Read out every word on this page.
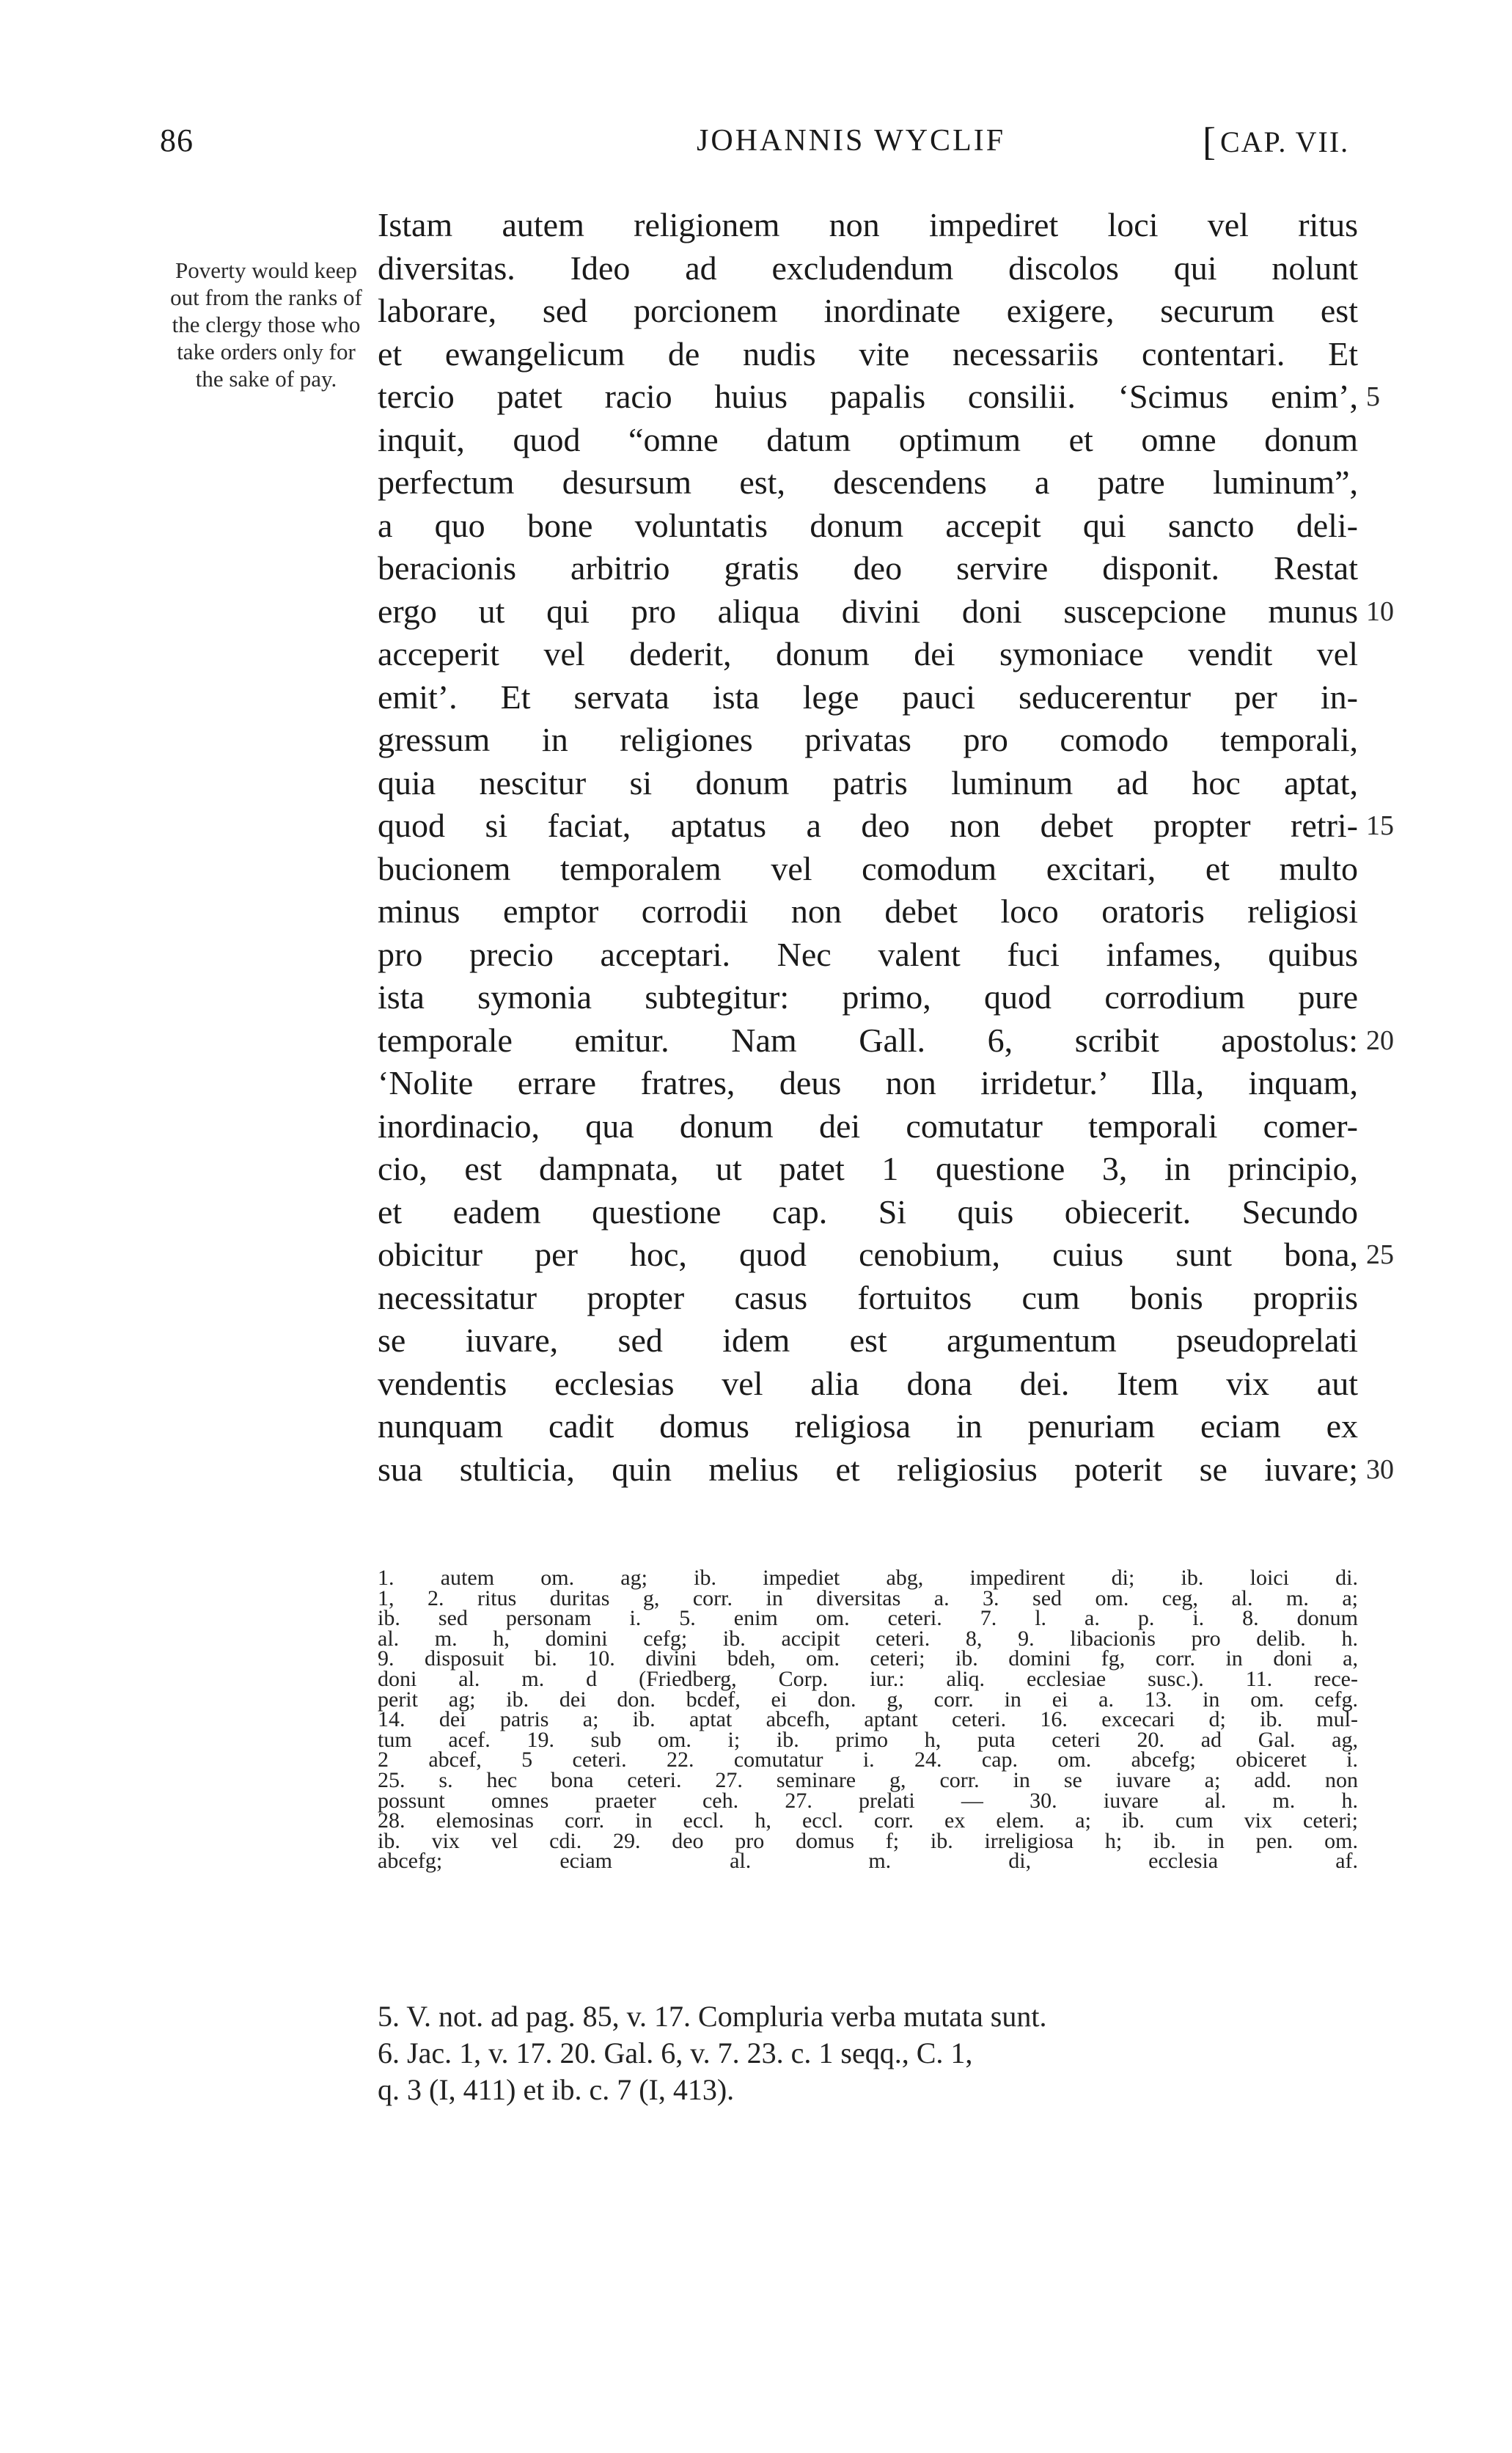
86	JOHANNIS WYCLIF	[ CAP. VII.
Poverty would keep out from the ranks of the clergy those who take orders only for the sake of pay.
Istam autem religionem non impediret loci vel ritus
diversitas. Ideo ad excludendum discolos qui nolunt
laborare, sed porcionem inordinate exigere, securum est
et ewangelicum de nudis vite necessariis contentari. Et
tercio patet racio huius papalis consilii. ‘Scimus enim’, 5
inquit, quod “omne datum optimum et omne donum
perfectum desursum est, descendens a patre luminum”,
a quo bone voluntatis donum accepit qui sancto deli-
beracionis arbitrio gratis deo servire disponit. Restat
ergo ut qui pro aliqua divini doni suscepcione munus 10
acceperit vel dederit, donum dei symoniace vendit vel
emit’. Et servata ista lege pauci seducerentur per in-
gressum in religiones privatas pro comodo temporali,
quia nescitur si donum patris luminum ad hoc aptat,
quod si faciat, aptatus a deo non debet propter retri- 15
bucionem temporalem vel comodum excitari, et multo
minus emptor corrodii non debet loco oratoris religiosi
pro precio acceptari. Nec valent fuci infames, quibus
ista symonia subtegitur: primo, quod corrodium pure
temporale emitur. Nam Gall. 6, scribit apostolus: 20
‘Nolite errare fratres, deus non irridetur.’ Illa, inquam,
inordinacio, qua donum dei comutatur temporali comer-
cio, est dampnata, ut patet 1 questione 3, in principio,
et eadem questione cap. Si quis obiecerit. Secundo
obicitur per hoc, quod cenobium, cuius sunt bona, 25
necessitatur propter casus fortuitos cum bonis propriis
se iuvare, sed idem est argumentum pseudoprelati
vendentis ecclesias vel alia dona dei. Item vix aut
nunquam cadit domus religiosa in penuriam eciam ex
sua stulticia, quin melius et religiosius poterit se iuvare; 30
1. autem om. ag; ib. impediet abg, impedirent di; ib. loici di.
1, 2. ritus duritas g, corr. in diversitas a. 3. sed om. ceg, al. m. a;
ib. sed personam i. 5. enim om. ceteri. 7. l. a. p. i. 8. donum
al. m. h, domini cefg; ib. accipit ceteri. 8, 9. libacionis pro delib. h.
9. disposuit bi. 10. divini bdeh, om. ceteri; ib. domini fg, corr. in doni a,
doni al. m. d (Friedberg, Corp. iur.: aliq. ecclesiae susc.). 11. rece-
perit ag; ib. dei don. bcdef, ei don. g, corr. in ei a. 13. in om. cefg.
14. dei patris a; ib. aptat abcefh, aptant ceteri. 16. excecari d; ib. mul-
tum acef. 19. sub om. i; ib. primo h, puta ceteri 20. ad Gal. ag,
2 abcef, 5 ceteri. 22. comutatur i. 24. cap. om. abcefg; obiceret i.
25. s. hec bona ceteri. 27. seminare g, corr. in se iuvare a; add. non
possunt omnes praeter ceh. 27. prelati — 30. iuvare al. m. h.
28. elemosinas corr. in eccl. h, eccl. corr. ex elem. a; ib. cum vix ceteri;
ib. vix vel cdi. 29. deo pro domus f; ib. irreligiosa h; ib. in pen. om.
abcefg; eciam al. m. di, ecclesia af.
5. V. not. ad pag. 85, v. 17. Compluria verba mutata sunt.
6. Jac. 1, v. 17. 20. Gal. 6, v. 7. 23. c. 1 seqq., C. 1,
q. 3 (I, 411) et ib. c. 7 (I, 413).
